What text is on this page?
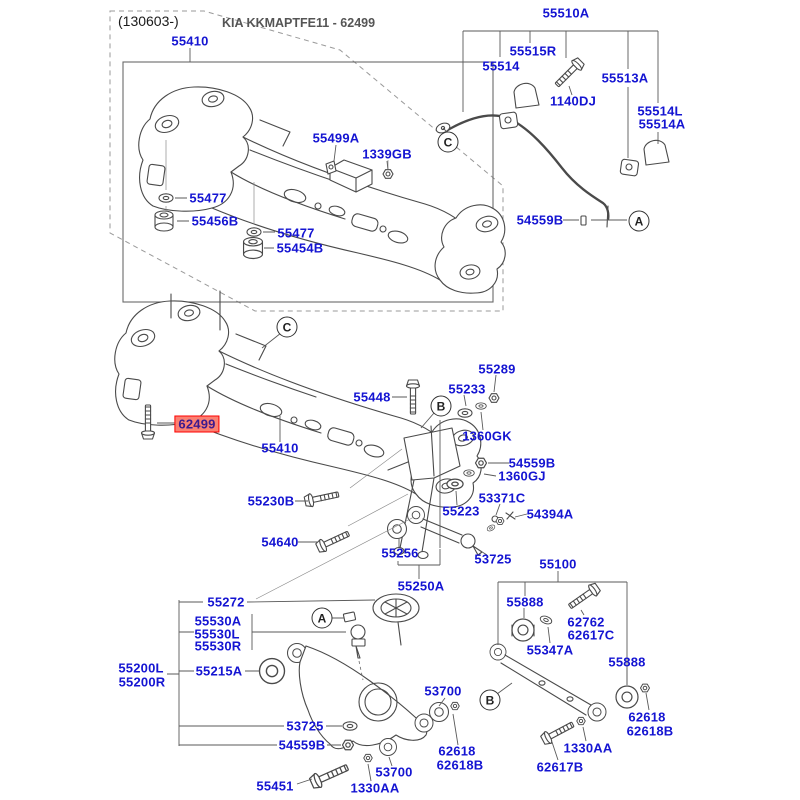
(130603-)	KIA KKMAPTFE11 - 62499
55410
55499A
1339GB
55477
55456B
55477
55454B
55510A
55515R
55514
1140DJ
55513A
55514L
55514A
54559B
55448
55289
55233
1360GK
62499
55410
54559B
1360GJ
53371C
55223	54394A
55230B
54640
55256	53725
55250A
55100
55272
55530A
55530L
55530R
55200L
55200R
55215A
53725
54559B
55451	1330AA
53700
53700
62618
62618B
55888
62762
62617C
55347A
55888
62618
62618B
1330AA
62617B
C
A
C
B
A
B
